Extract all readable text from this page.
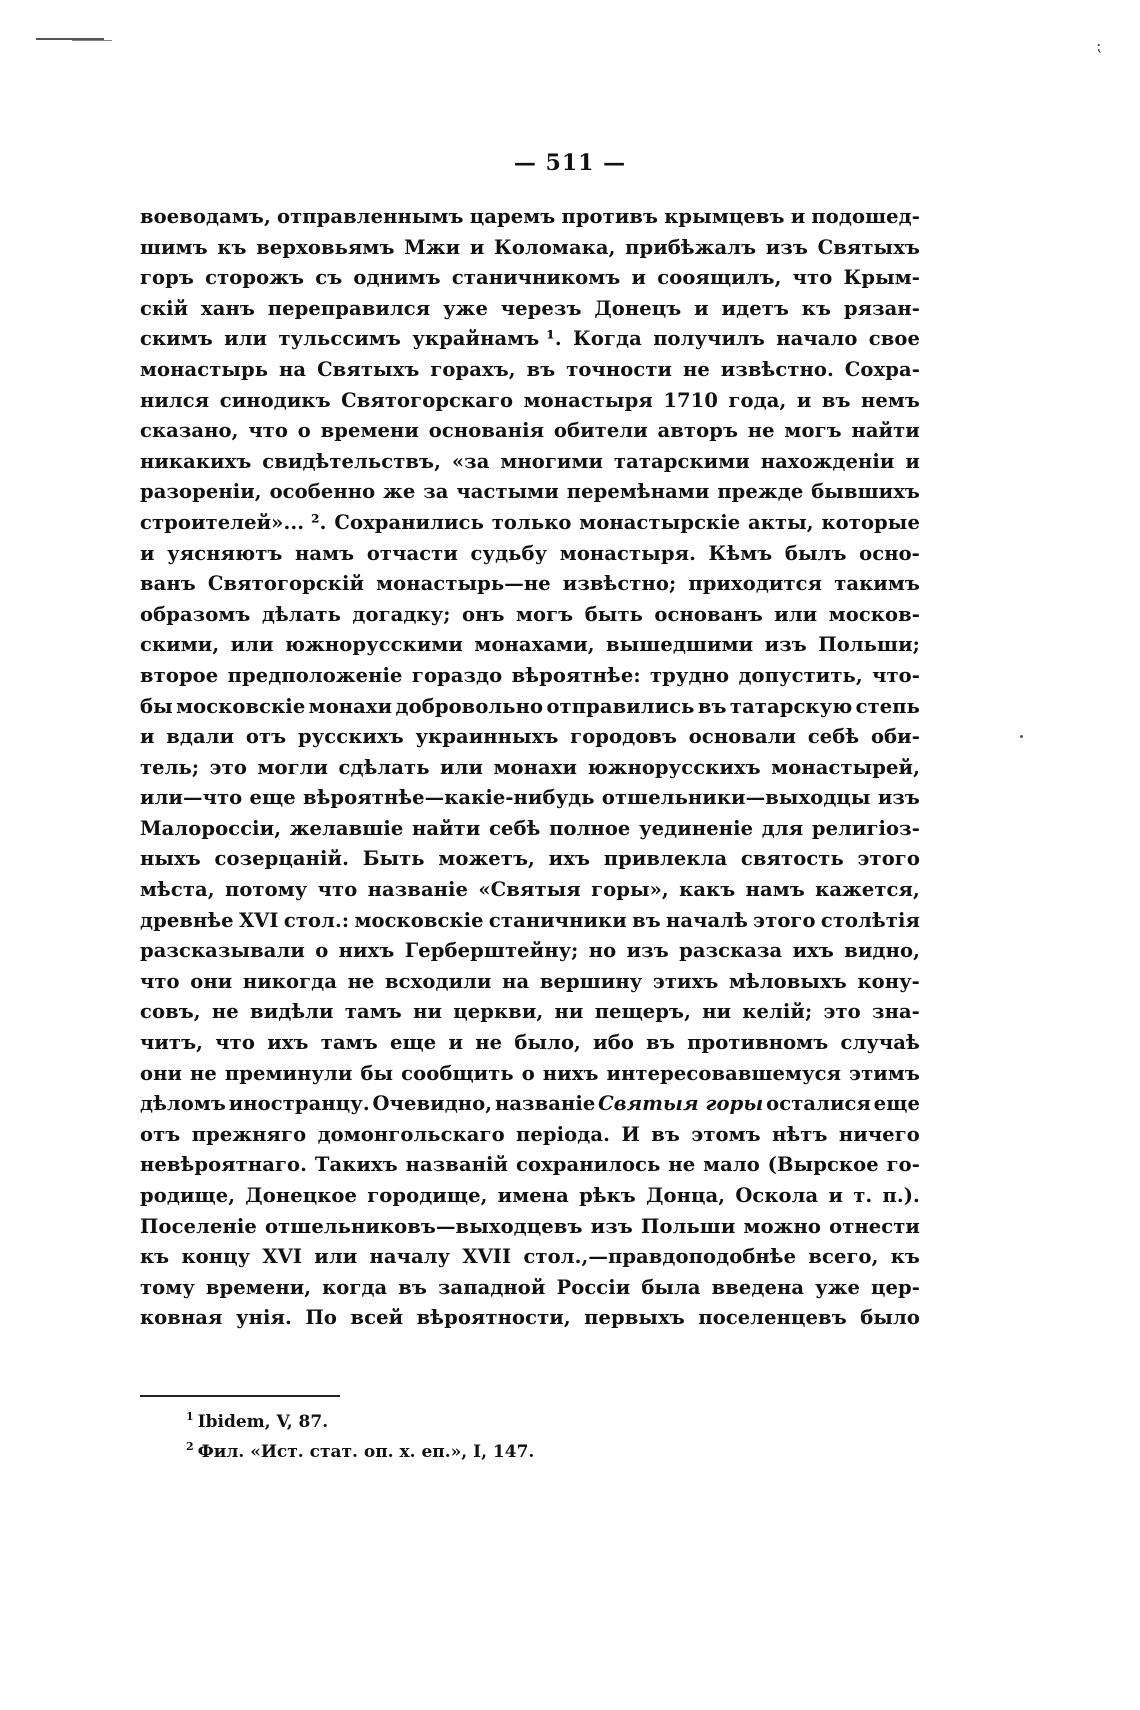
⁏
— 511 —
воеводамъ, отправленнымъ царемъ противъ крымцевъ и подошед-
шимъ къ верховьямъ Мжи и Коломака, прибѣжалъ изъ Святыхъ
горъ сторожъ съ однимъ станичникомъ и сооящилъ, что Крым-
скій ханъ переправился уже черезъ Донецъ и идетъ къ рязан-
скимъ или тульссимъ украйнамъ ¹. Когда получилъ начало свое
монастырь на Святыхъ горахъ, въ точности не извѣстно. Сохра-
нился синодикъ Святогорскаго монастыря 1710 года, и въ немъ
сказано, что о времени основанія обители авторъ не могъ найти
никакихъ свидѣтельствъ, «за многими татарскими нахожденіи и
разореніи, особенно же за частыми перемѣнами прежде бывшихъ
строителей»... ². Сохранились только монастырскіе акты, которые
и уясняютъ намъ отчасти судьбу монастыря. Кѣмъ былъ осно-
ванъ Святогорскій монастырь—не извѣстно; приходится такимъ
образомъ дѣлать догадку; онъ могъ быть основанъ или москов-
скими, или южнорусскими монахами, вышедшими изъ Польши;
второе предположеніе гораздо вѣроятнѣе: трудно допустить, что-
бы московскіе монахи добровольно отправились въ татарскую степь
и вдали отъ русскихъ украинныхъ городовъ основали себѣ оби-
тель; это могли сдѣлать или монахи южнорусскихъ монастырей,
или—что еще вѣроятнѣе—какіе-нибудь отшельники—выходцы изъ
Малороссіи, желавшіе найти себѣ полное уединеніе для религіоз-
ныхъ созерцаній. Быть можетъ, ихъ привлекла святость этого
мѣста, потому что названіе «Святыя горы», какъ намъ кажется,
древнѣе XVI стол.: московскіе станичники въ началѣ этого столѣтія
разсказывали о нихъ Герберштейну; но изъ разсказа ихъ видно,
что они никогда не всходили на вершину этихъ мѣловыхъ кону-
совъ, не видѣли тамъ ни церкви, ни пещеръ, ни келій; это зна-
читъ, что ихъ тамъ еще и не было, ибо въ противномъ случаѣ
они не преминули бы сообщить о нихъ интересовавшемуся этимъ
дѣломъ иностранцу. Очевидно, названіе Святыя горы осталися еще
отъ прежняго домонгольскаго періода. И въ этомъ нѣтъ ничего
невѣроятнаго. Такихъ названій сохранилось не мало (Вырское го-
родище, Донецкое городище, имена рѣкъ Донца, Оскола и т. п.).
Поселеніе отшельниковъ—выходцевъ изъ Польши можно отнести
къ концу XVI или началу XVII стол.,—правдоподобнѣе всего, къ
тому времени, когда въ западной Россіи была введена уже цер-
ковная унія. По всей вѣроятности, первыхъ поселенцевъ было
$^1$ Ibidem, V, 87.
$^2$ Фил. «Ист. стат. оп. х. еп.», I, 147.
